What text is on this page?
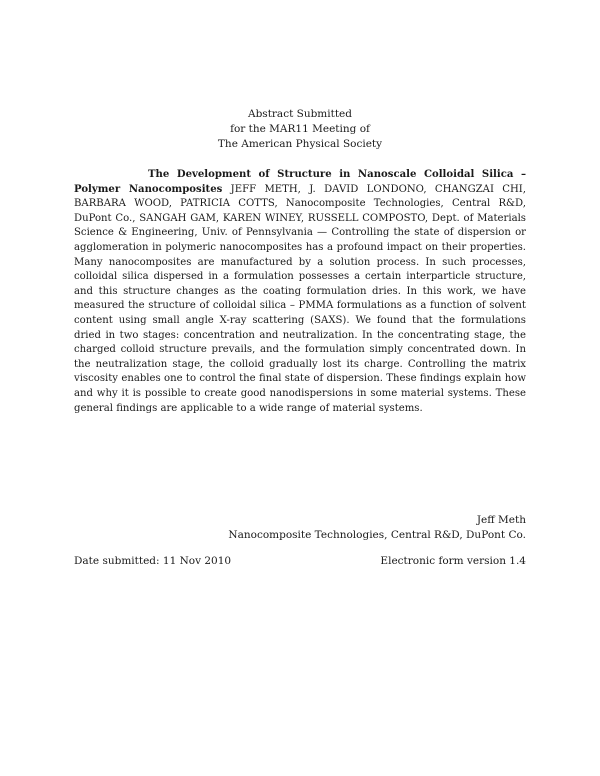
Abstract Submitted
for the MAR11 Meeting of
The American Physical Society
The Development of Structure in Nanoscale Colloidal Silica – Polymer Nanocomposites JEFF METH, J. DAVID LONDONO, CHANGZAI CHI, BARBARA WOOD, PATRICIA COTTS, Nanocomposite Technologies, Central R&D, DuPont Co., SANGAH GAM, KAREN WINEY, RUSSELL COMPOSTO, Dept. of Materials Science & Engineering, Univ. of Pennsylvania — Controlling the state of dispersion or agglomeration in polymeric nanocomposites has a profound impact on their properties. Many nanocomposites are manufactured by a solution process. In such processes, colloidal silica dispersed in a formulation possesses a certain interparticle structure, and this structure changes as the coating formulation dries. In this work, we have measured the structure of colloidal silica – PMMA formulations as a function of solvent content using small angle X-ray scattering (SAXS). We found that the formulations dried in two stages: concentration and neutralization. In the concentrating stage, the charged colloid structure prevails, and the formulation simply concentrated down. In the neutralization stage, the colloid gradually lost its charge. Controlling the matrix viscosity enables one to control the final state of dispersion. These findings explain how and why it is possible to create good nanodispersions in some material systems. These general findings are applicable to a wide range of material systems.
Jeff Meth
Nanocomposite Technologies, Central R&D, DuPont Co.
Date submitted: 11 Nov 2010	Electronic form version 1.4
